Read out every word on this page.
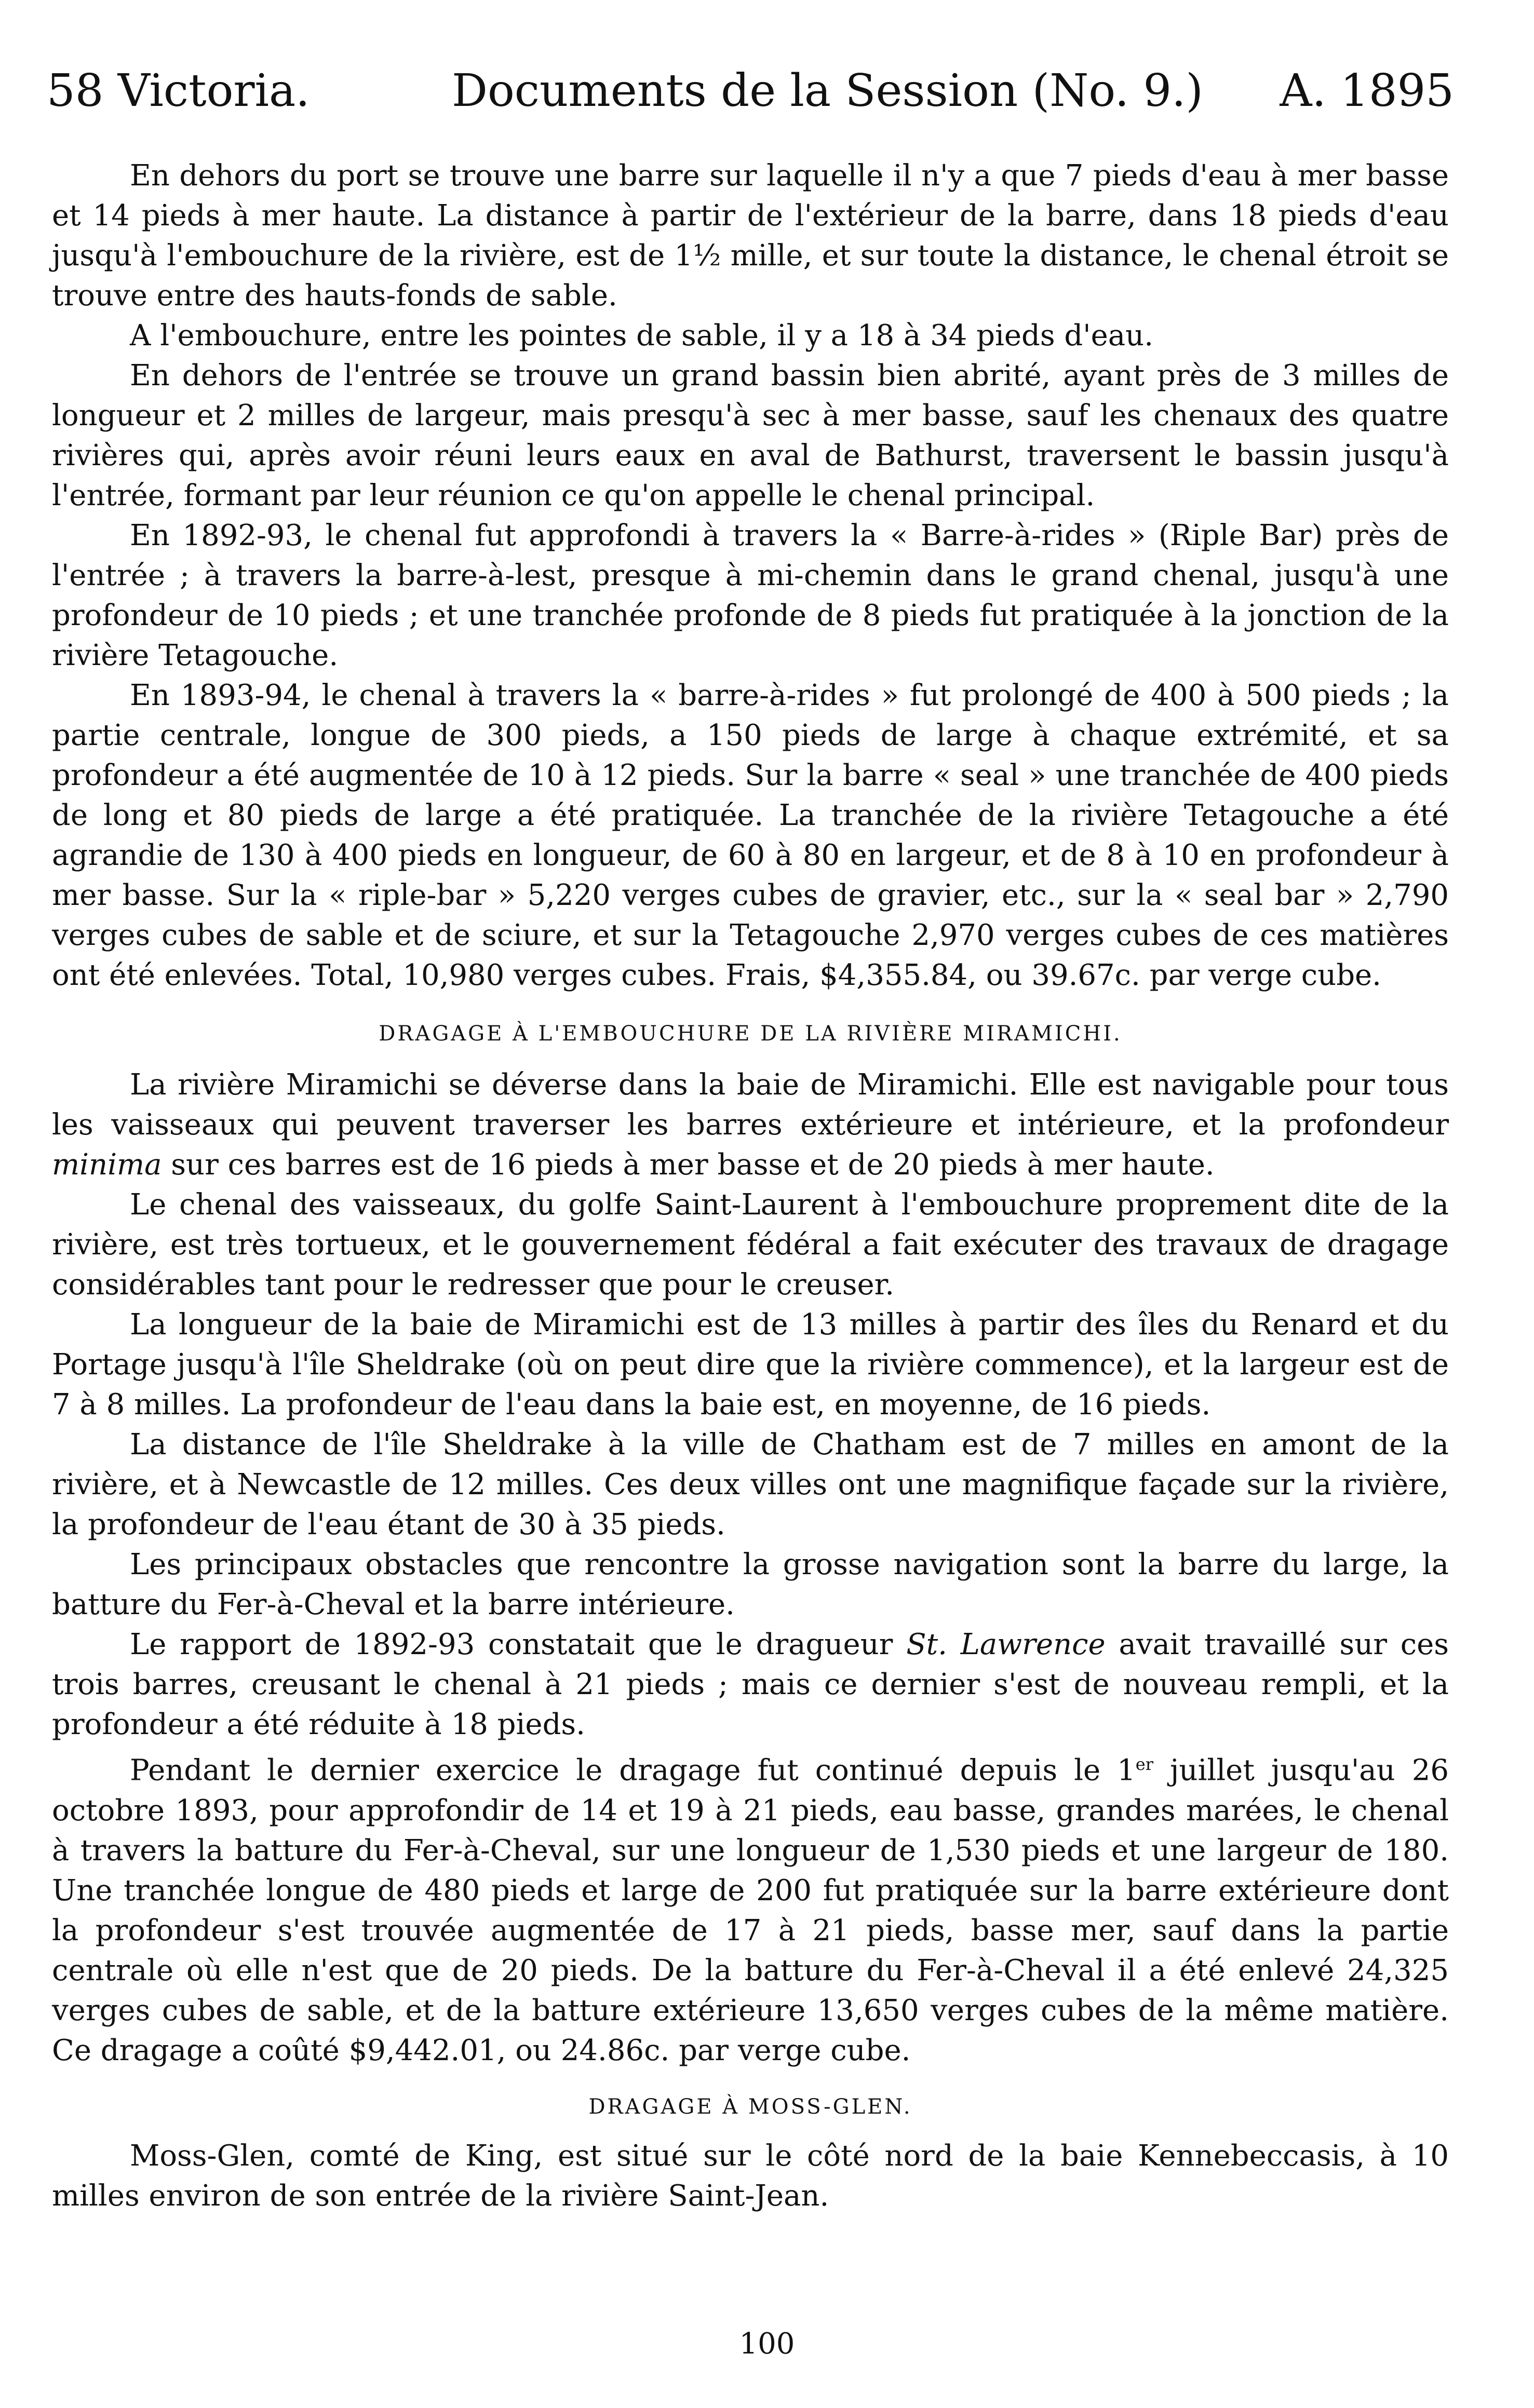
58 Victoria.	Documents de la Session (No. 9.) A. 1895

En dehors du port se trouve une barre sur laquelle il n'y a que 7 pieds d'eau à mer basse et 14 pieds à mer haute. La distance à partir de l'extérieur de la barre, dans 18 pieds d'eau jusqu'à l'embouchure de la rivière, est de 1½ mille, et sur toute la distance, le chenal étroit se trouve entre des hauts-fonds de sable.

A l'embouchure, entre les pointes de sable, il y a 18 à 34 pieds d'eau.

En dehors de l'entrée se trouve un grand bassin bien abrité, ayant près de 3 milles de longueur et 2 milles de largeur, mais presqu'à sec à mer basse, sauf les chenaux des quatre rivières qui, après avoir réuni leurs eaux en aval de Bathurst, traversent le bassin jusqu'à l'entrée, formant par leur réunion ce qu'on appelle le chenal principal.

En 1892-93, le chenal fut approfondi à travers la « Barre-à-rides » (Riple Bar) près de l'entrée ; à travers la barre-à-lest, presque à mi-chemin dans le grand chenal, jusqu'à une profondeur de 10 pieds ; et une tranchée profonde de 8 pieds fut pratiquée à la jonction de la rivière Tetagouche.

En 1893-94, le chenal à travers la « barre-à-rides » fut prolongé de 400 à 500 pieds ; la partie centrale, longue de 300 pieds, a 150 pieds de large à chaque extrémité, et sa profondeur a été augmentée de 10 à 12 pieds. Sur la barre « seal » une tranchée de 400 pieds de long et 80 pieds de large a été pratiquée. La tranchée de la rivière Tetagouche a été agrandie de 130 à 400 pieds en longueur, de 60 à 80 en largeur, et de 8 à 10 en profondeur à mer basse. Sur la « riple-bar » 5,220 verges cubes de gravier, etc., sur la « seal bar » 2,790 verges cubes de sable et de sciure, et sur la Tetagouche 2,970 verges cubes de ces matières ont été enlevées. Total, 10,980 verges cubes. Frais, $4,355.84, ou 39.67c. par verge cube.

DRAGAGE À L'EMBOUCHURE DE LA RIVIÈRE MIRAMICHI.

La rivière Miramichi se déverse dans la baie de Miramichi. Elle est navigable pour tous les vaisseaux qui peuvent traverser les barres extérieure et intérieure, et la profondeur minima sur ces barres est de 16 pieds à mer basse et de 20 pieds à mer haute.

Le chenal des vaisseaux, du golfe Saint-Laurent à l'embouchure proprement dite de la rivière, est très tortueux, et le gouvernement fédéral a fait exécuter des travaux de dragage considérables tant pour le redresser que pour le creuser.

La longueur de la baie de Miramichi est de 13 milles à partir des îles du Renard et du Portage jusqu'à l'île Sheldrake (où on peut dire que la rivière commence), et la largeur est de 7 à 8 milles. La profondeur de l'eau dans la baie est, en moyenne, de 16 pieds.

La distance de l'île Sheldrake à la ville de Chatham est de 7 milles en amont de la rivière, et à Newcastle de 12 milles. Ces deux villes ont une magnifique façade sur la rivière, la profondeur de l'eau étant de 30 à 35 pieds.

Les principaux obstacles que rencontre la grosse navigation sont la barre du large, la batture du Fer-à-Cheval et la barre intérieure.

Le rapport de 1892-93 constatait que le dragueur St. Lawrence avait travaillé sur ces trois barres, creusant le chenal à 21 pieds ; mais ce dernier s'est de nouveau rempli, et la profondeur a été réduite à 18 pieds.

Pendant le dernier exercice le dragage fut continué depuis le 1er juillet jusqu'au 26 octobre 1893, pour approfondir de 14 et 19 à 21 pieds, eau basse, grandes marées, le chenal à travers la batture du Fer-à-Cheval, sur une longueur de 1,530 pieds et une largeur de 180. Une tranchée longue de 480 pieds et large de 200 fut pratiquée sur la barre extérieure dont la profondeur s'est trouvée augmentée de 17 à 21 pieds, basse mer, sauf dans la partie centrale où elle n'est que de 20 pieds. De la batture du Fer-à-Cheval il a été enlevé 24,325 verges cubes de sable, et de la batture extérieure 13,650 verges cubes de la même matière. Ce dragage a coûté $9,442.01, ou 24.86c. par verge cube.

DRAGAGE À MOSS-GLEN.

Moss-Glen, comté de King, est situé sur le côté nord de la baie Kennebeccasis, à 10 milles environ de son entrée de la rivière Saint-Jean.

100
